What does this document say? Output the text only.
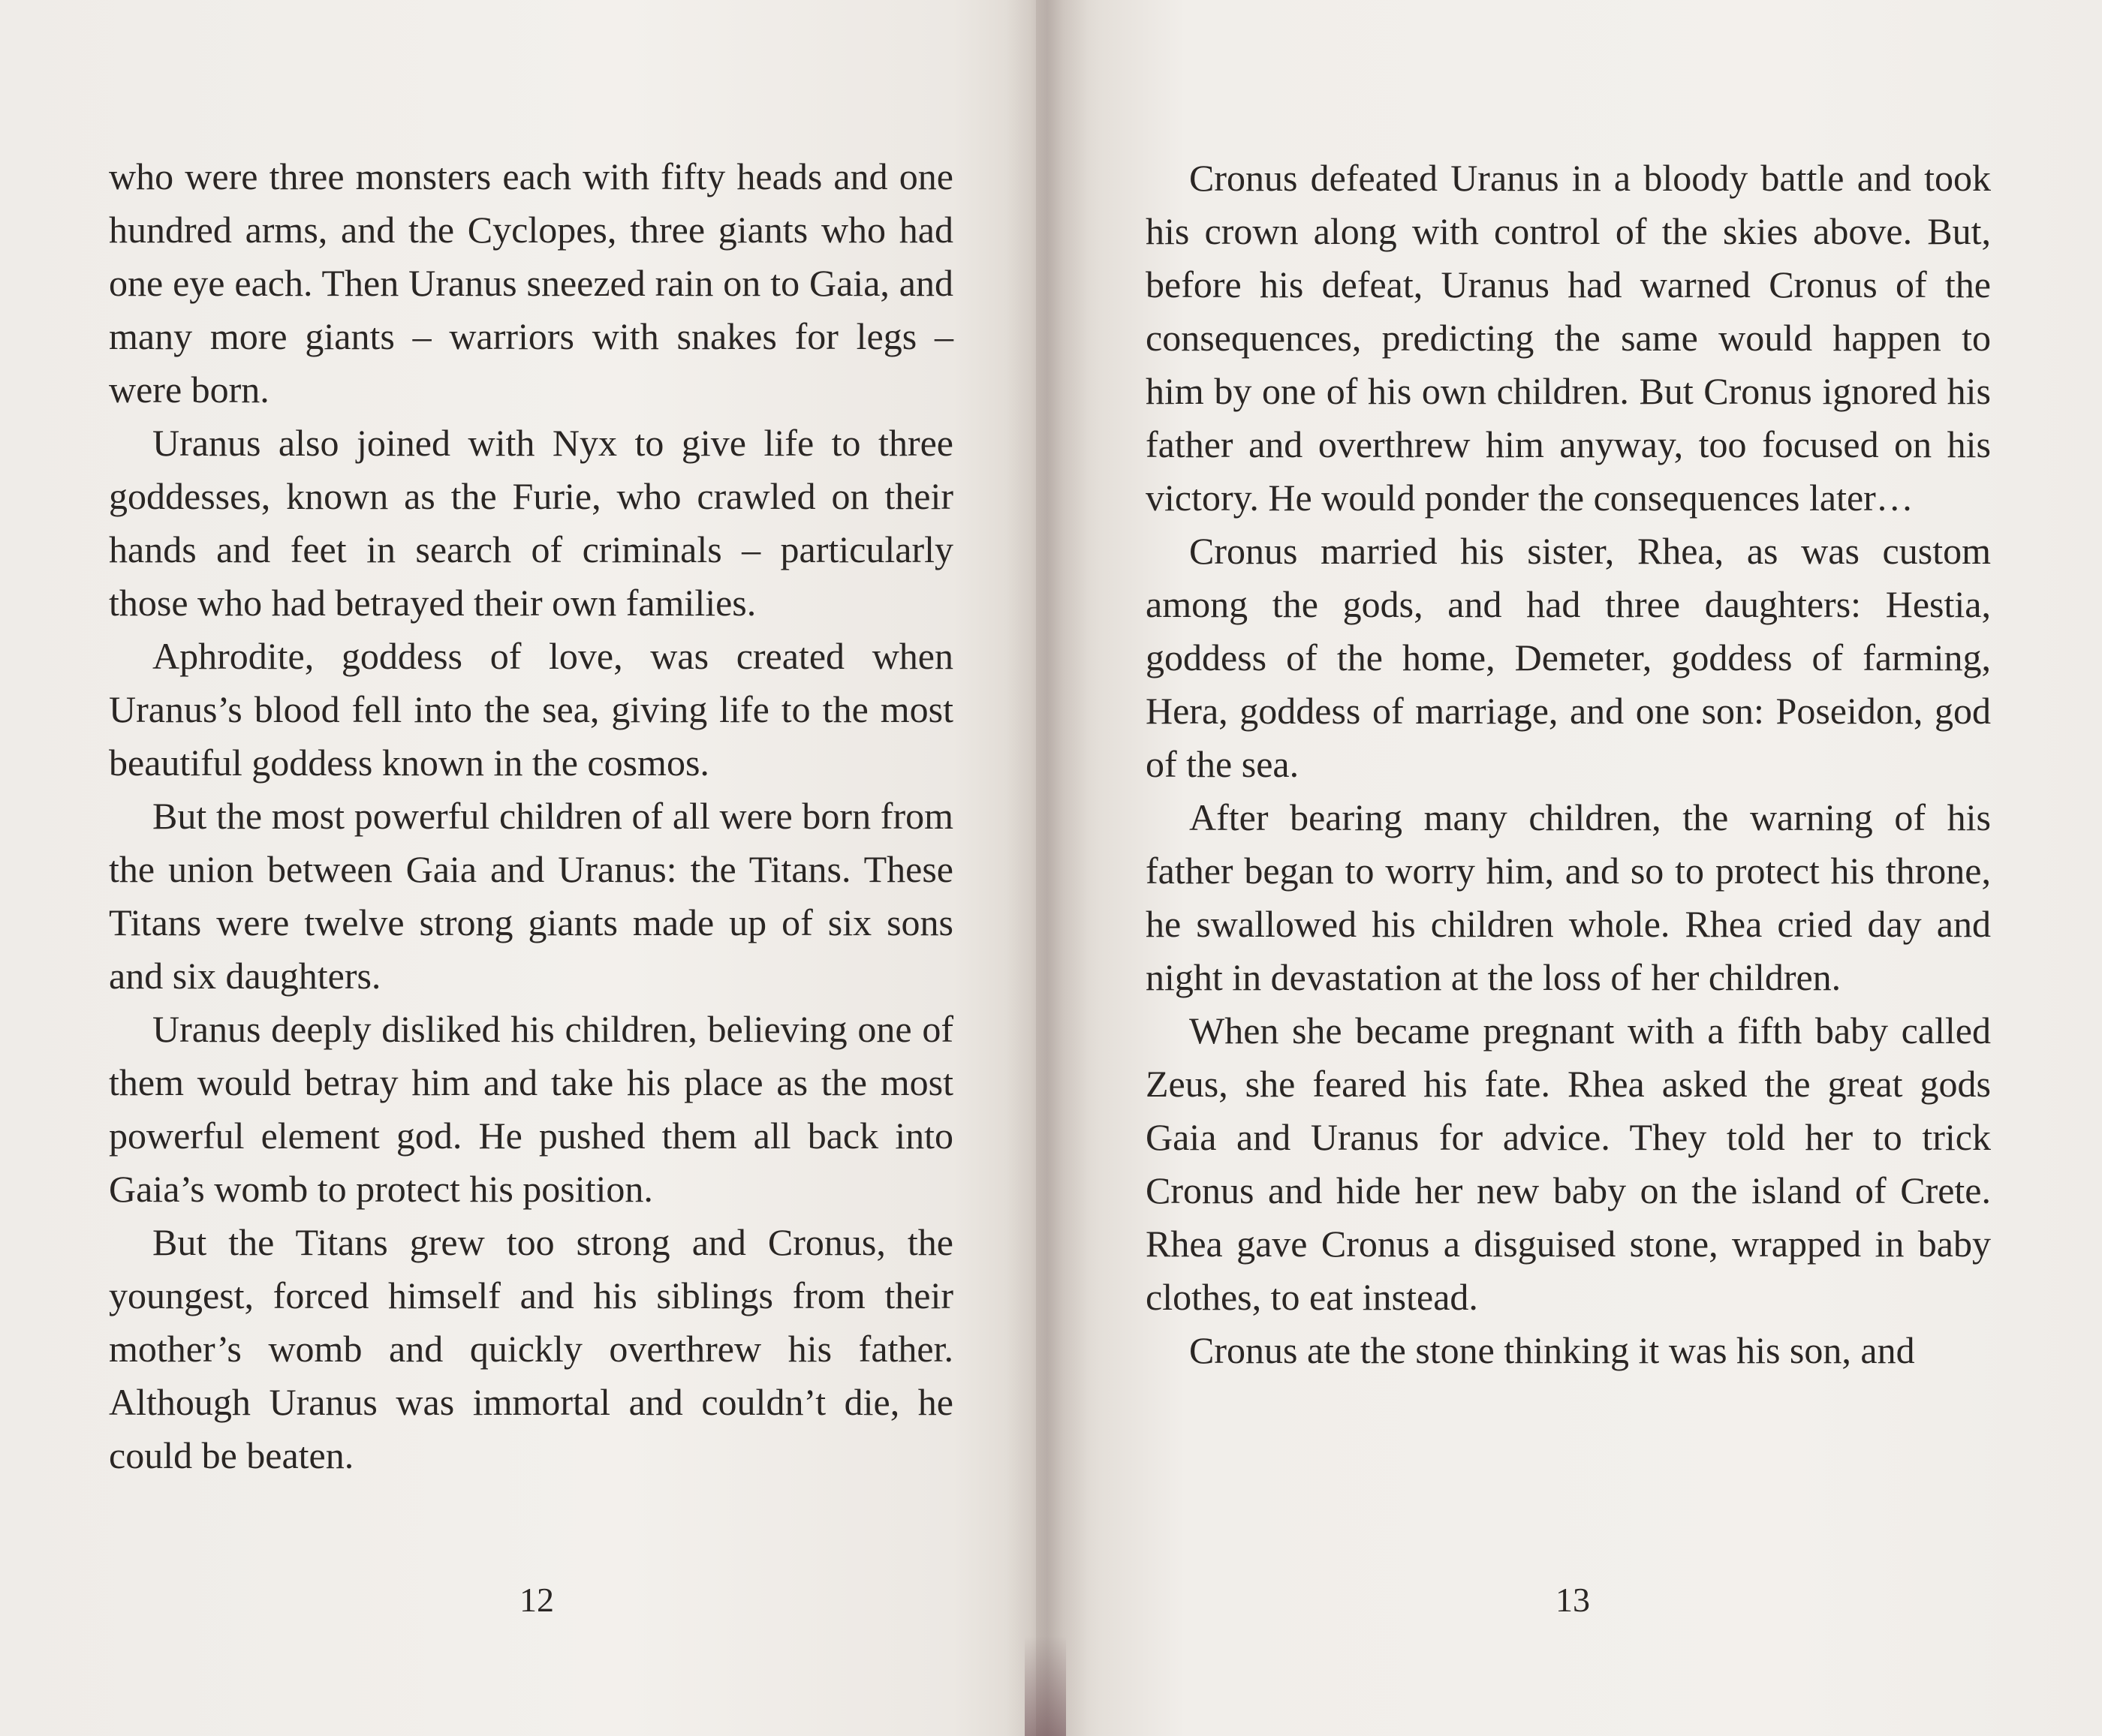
who were three monsters each with fifty heads and one hundred arms, and the Cyclopes, three giants who had one eye each. Then Uranus sneezed rain on to Gaia, and many more giants – warriors with snakes for legs – were born.

Uranus also joined with Nyx to give life to three goddesses, known as the Furie, who crawled on their hands and feet in search of criminals – particularly those who had betrayed their own families.

Aphrodite, goddess of love, was created when Uranus’s blood fell into the sea, giving life to the most beautiful goddess known in the cosmos.

But the most powerful children of all were born from the union between Gaia and Uranus: the Titans. These Titans were twelve strong giants made up of six sons and six daughters.

Uranus deeply disliked his children, believing one of them would betray him and take his place as the most powerful element god. He pushed them all back into Gaia’s womb to protect his position.

But the Titans grew too strong and Cronus, the youngest, forced himself and his siblings from their mother’s womb and quickly overthrew his father. Although Uranus was immortal and couldn’t die, he could be beaten.

12

Cronus defeated Uranus in a bloody battle and took his crown along with control of the skies above. But, before his defeat, Uranus had warned Cronus of the consequences, predicting the same would happen to him by one of his own children. But Cronus ignored his father and overthrew him anyway, too focused on his victory. He would ponder the consequences later…

Cronus married his sister, Rhea, as was custom among the gods, and had three daughters: Hestia, goddess of the home, Demeter, goddess of farming, Hera, goddess of marriage, and one son: Poseidon, god of the sea.

After bearing many children, the warning of his father began to worry him, and so to protect his throne, he swallowed his children whole. Rhea cried day and night in devastation at the loss of her children.

When she became pregnant with a fifth baby called Zeus, she feared his fate. Rhea asked the great gods Gaia and Uranus for advice. They told her to trick Cronus and hide her new baby on the island of Crete. Rhea gave Cronus a disguised stone, wrapped in baby clothes, to eat instead.

Cronus ate the stone thinking it was his son, and

13
